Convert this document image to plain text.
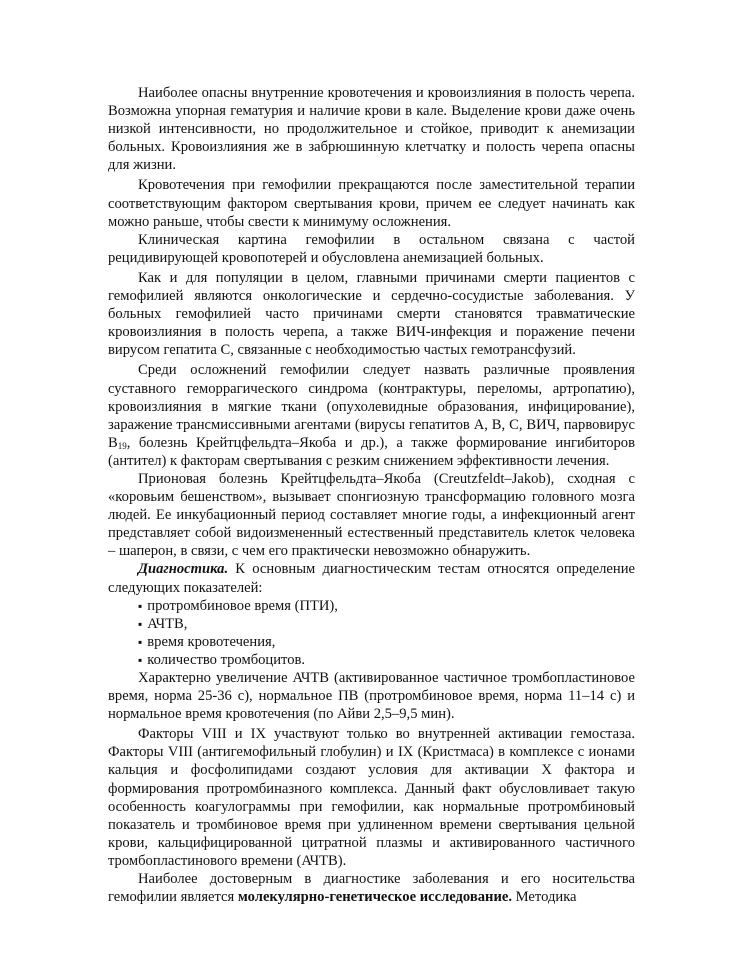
Наиболее опасны внутренние кровотечения и кровоизлияния в полость черепа. Возможна упорная гематурия и наличие крови в кале. Выделение крови даже очень низкой интенсивности, но продолжительное и стойкое, приводит к анемизации больных. Кровоизлияния же в забрюшинную клетчатку и полость черепа опасны для жизни.

Кровотечения при гемофилии прекращаются после заместительной терапии соответствующим фактором свертывания крови, причем ее следует начинать как можно раньше, чтобы свести к минимуму осложнения.

Клиническая картина гемофилии в остальном связана с частой рецидивирующей кровопотерей и обусловлена анемизацией больных.

Как и для популяции в целом, главными причинами смерти пациентов с гемофилией являются онкологические и сердечно-сосудистые заболевания. У больных гемофилией часто причинами смерти становятся травматические кровоизлияния в полость черепа, а также ВИЧ-инфекция и поражение печени вирусом гепатита С, связанные с необходимостью частых гемотрансфузий.

Среди осложнений гемофилии следует назвать различные проявления суставного геморрагического синдрома (контрактуры, переломы, артропатию), кровоизлияния в мягкие ткани (опухолевидные образования, инфицирование), заражение трансмиссивными агентами (вирусы гепатитов А, В, С, ВИЧ, парвовирус $В_{19}$, болезнь Крейтцфельдта–Якоба и др.), а также формирование ингибиторов (антител) к факторам свертывания с резким снижением эффективности лечения.

Прионовая болезнь Крейтцфельдта–Якоба (Creutzfeldt–Jakob), сходная с «коровьим бешенством», вызывает спонгиозную трансформацию головного мозга людей. Ее инкубационный период составляет многие годы, а инфекционный агент представляет собой видоизмененный естественный представитель клеток человека – шаперон, в связи, с чем его практически невозможно обнаружить.

Диагностика. К основным диагностическим тестам относятся определение следующих показателей:

▪ протромбиновое время (ПТИ),
▪ АЧТВ,
▪ время кровотечения,
▪ количество тромбоцитов.

Характерно увеличение АЧТВ (активированное частичное тромбопластиновое время, норма 25-36 с), нормальное ПВ (протромбиновое время, норма 11–14 с) и нормальное время кровотечения (по Айви 2,5–9,5 мин).

Факторы VIII и IX участвуют только во внутренней активации гемостаза. Факторы VIII (антигемофильный глобулин) и IX (Кристмаса) в комплексе с ионами кальция и фосфолипидами создают условия для активации Х фактора и формирования протромбиназного комплекса. Данный факт обусловливает такую особенность коагулограммы при гемофилии, как нормальные протромбиновый показатель и тромбиновое время при удлиненном времени свертывания цельной крови, кальцифицированной цитратной плазмы и активированного частичного тромбопластинового времени (АЧТВ).

Наиболее достоверным в диагностике заболевания и его носительства гемофилии является молекулярно-генетическое исследование. Методика
